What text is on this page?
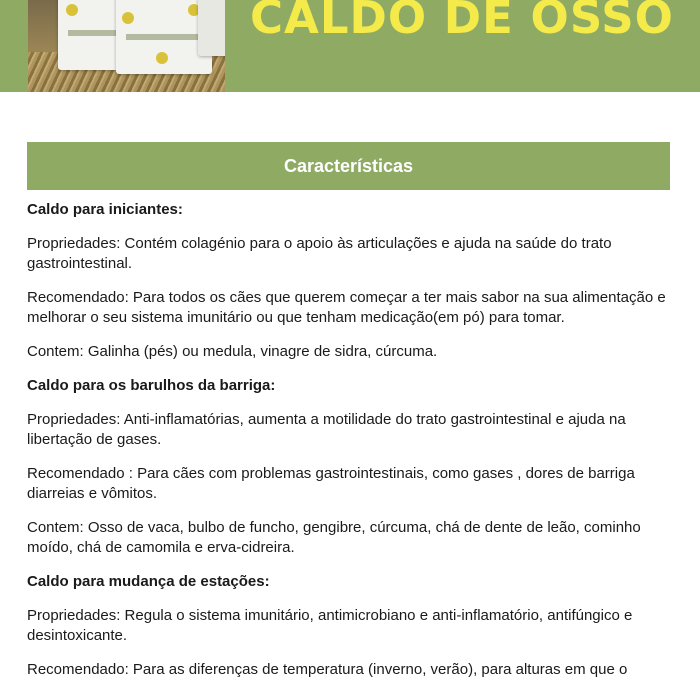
CALDO DE OSSO
Características

Caldo para iniciantes:

Propriedades: Contém colagénio para o apoio às articulações e ajuda na saúde do trato gastrointestinal.

Recomendado: Para todos os cães que querem começar a ter mais sabor na sua alimentação e melhorar o seu sistema imunitário ou que tenham medicação(em pó) para tomar.

Contem: Galinha (pés) ou medula, vinagre de sidra, cúrcuma.

Caldo para os barulhos da barriga:

Propriedades: Anti-inflamatórias, aumenta a motilidade do trato gastrointestinal e ajuda na libertação de gases.

Recomendado : Para cães com problemas gastrointestinais, como gases , dores de barriga diarreias e vômitos.

Contem: Osso de vaca, bulbo de funcho, gengibre, cúrcuma, chá de dente de leão, cominho moído, chá de camomila e erva-cidreira.

Caldo para mudança de estações:

Propriedades: Regula o sistema imunitário, antimicrobiano e anti-inflamatório, antifúngico e desintoxicante.

Recomendado: Para as diferenças de temperatura (inverno, verão), para alturas em que o
